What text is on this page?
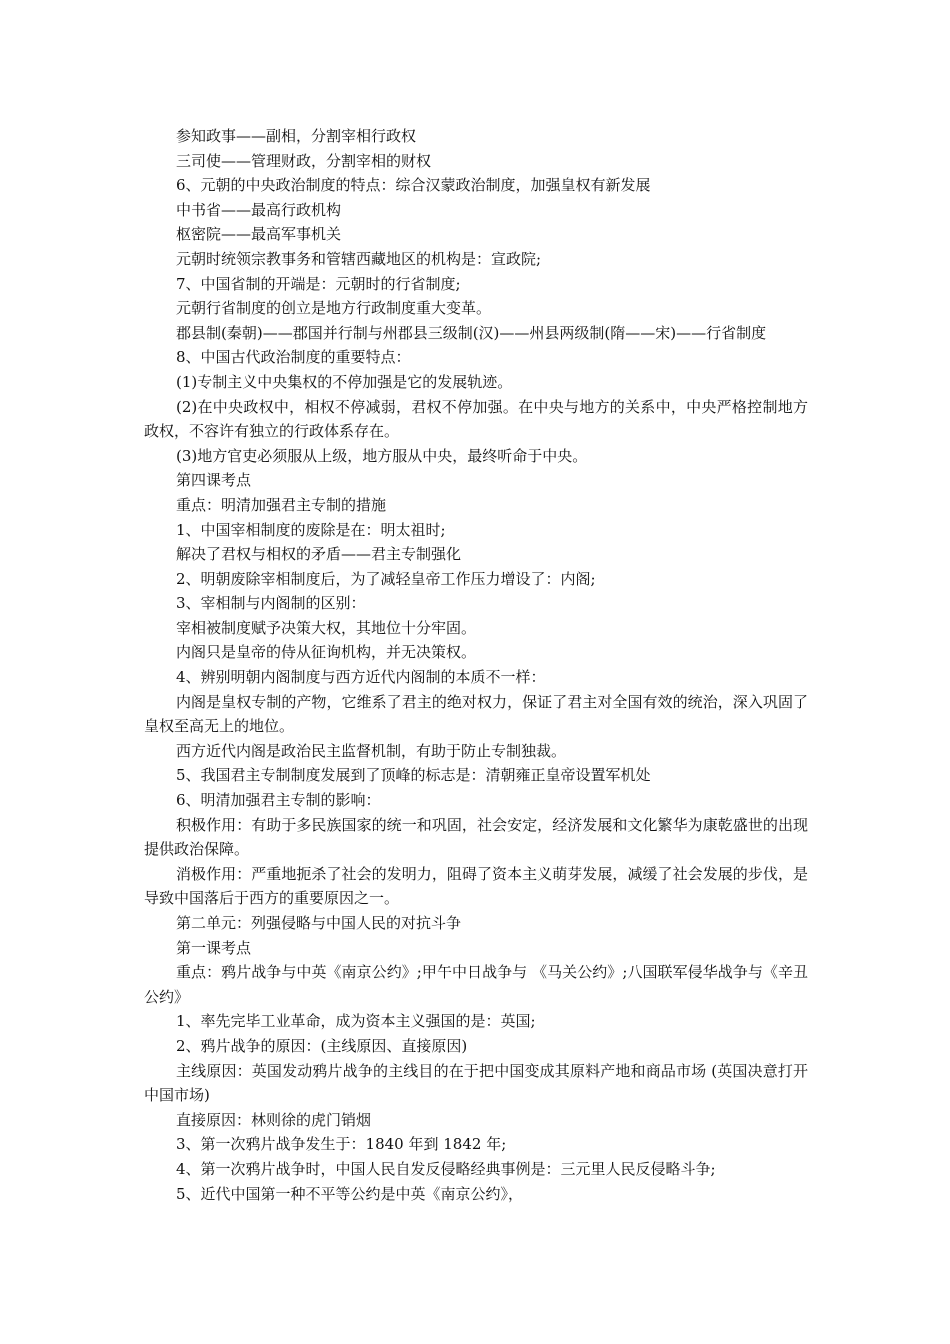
参知政事——副相，分割宰相行政权

三司使——管理财政，分割宰相的财权

6、元朝的中央政治制度的特点：综合汉蒙政治制度，加强皇权有新发展

中书省——最高行政机构

枢密院——最高军事机关

元朝时统领宗教事务和管辖西藏地区的机构是：宣政院;

7、中国省制的开端是：元朝时的行省制度;

元朝行省制度的创立是地方行政制度重大变革。

郡县制(秦朝)——郡国并行制与州郡县三级制(汉)——州县两级制(隋——宋)——行省制度

8、中国古代政治制度的重要特点：

(1)专制主义中央集权的不停加强是它的发展轨迹。

(2)在中央政权中，相权不停减弱，君权不停加强。在中央与地方的关系中，中央严格控制地方政权，不容许有独立的行政体系存在。

(3)地方官吏必须服从上级，地方服从中央，最终听命于中央。

第四课考点

重点：明清加强君主专制的措施

1、中国宰相制度的废除是在：明太祖时;

解决了君权与相权的矛盾——君主专制强化

2、明朝废除宰相制度后，为了减轻皇帝工作压力增设了：内阁;

3、宰相制与内阁制的区别：

宰相被制度赋予决策大权，其地位十分牢固。

内阁只是皇帝的侍从征询机构，并无决策权。

4、辨别明朝内阁制度与西方近代内阁制的本质不一样：

内阁是皇权专制的产物，它维系了君主的绝对权力，保证了君主对全国有效的统治，深入巩固了皇权至高无上的地位。

西方近代内阁是政治民主监督机制，有助于防止专制独裁。

5、我国君主专制制度发展到了顶峰的标志是：清朝雍正皇帝设置军机处

6、明清加强君主专制的影响：

积极作用：有助于多民族国家的统一和巩固，社会安定，经济发展和文化繁华为康乾盛世的出现提供政治保障。

消极作用：严重地扼杀了社会的发明力，阻碍了资本主义萌芽发展，减缓了社会发展的步伐，是导致中国落后于西方的重要原因之一。

第二单元：列强侵略与中国人民的对抗斗争

第一课考点

重点：鸦片战争与中英《南京公约》;甲午中日战争与 《马关公约》;八国联军侵华战争与《辛丑公约》

1、率先完毕工业革命，成为资本主义强国的是：英国;

2、鸦片战争的原因：(主线原因、直接原因)

主线原因：英国发动鸦片战争的主线目的在于把中国变成其原料产地和商品市场 (英国决意打开中国市场)

直接原因：林则徐的虎门销烟

3、第一次鸦片战争发生于：1840 年到 1842 年;

4、第一次鸦片战争时，中国人民自发反侵略经典事例是：三元里人民反侵略斗争;

5、近代中国第一种不平等公约是中英《南京公约》，
